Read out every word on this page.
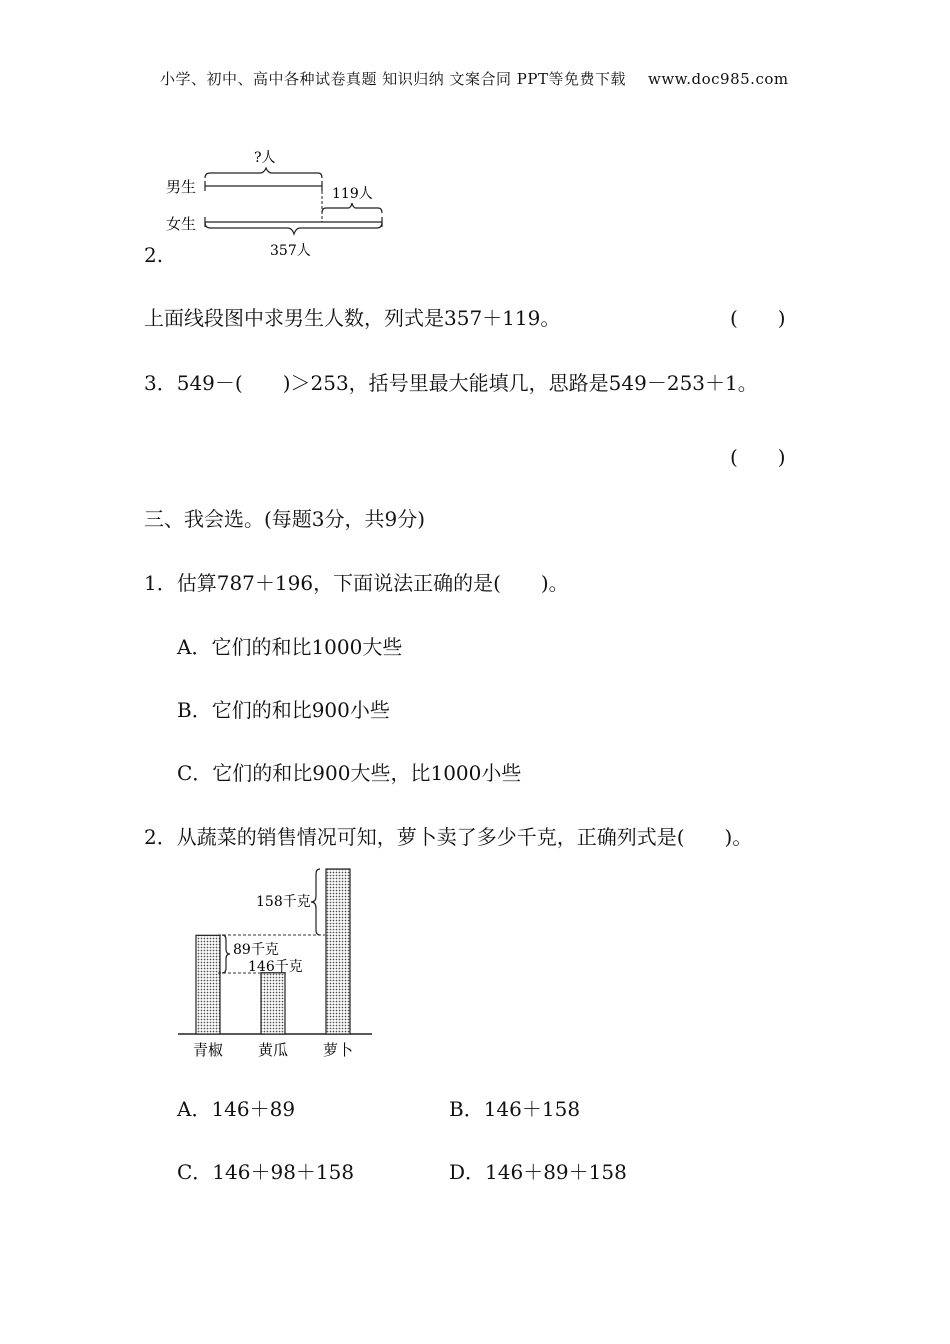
小学、初中、高中各种试卷真题 知识归纳 文案合同 PPT等免费下载 www.doc985.com
?人
男生	119人
女生
357人
2.
上面线段图中求男生人数，列式是357＋119。	(　　)
3．549－(　　)＞253，括号里最大能填几，思路是549－253＋1。
(　　)
三、我会选。(每题3分，共9分)
1．估算787＋196，下面说法正确的是(　　)。
A．它们的和比1000大些
B．它们的和比900小些
C．它们的和比900大些，比1000小些
2．从蔬菜的销售情况可知，萝卜卖了多少千克，正确列式是(　　)。
158千克
89千克
146千克
青椒 黄瓜 萝卜
A．146＋89	B．146＋158
C．146＋98＋158	D．146＋89＋158
